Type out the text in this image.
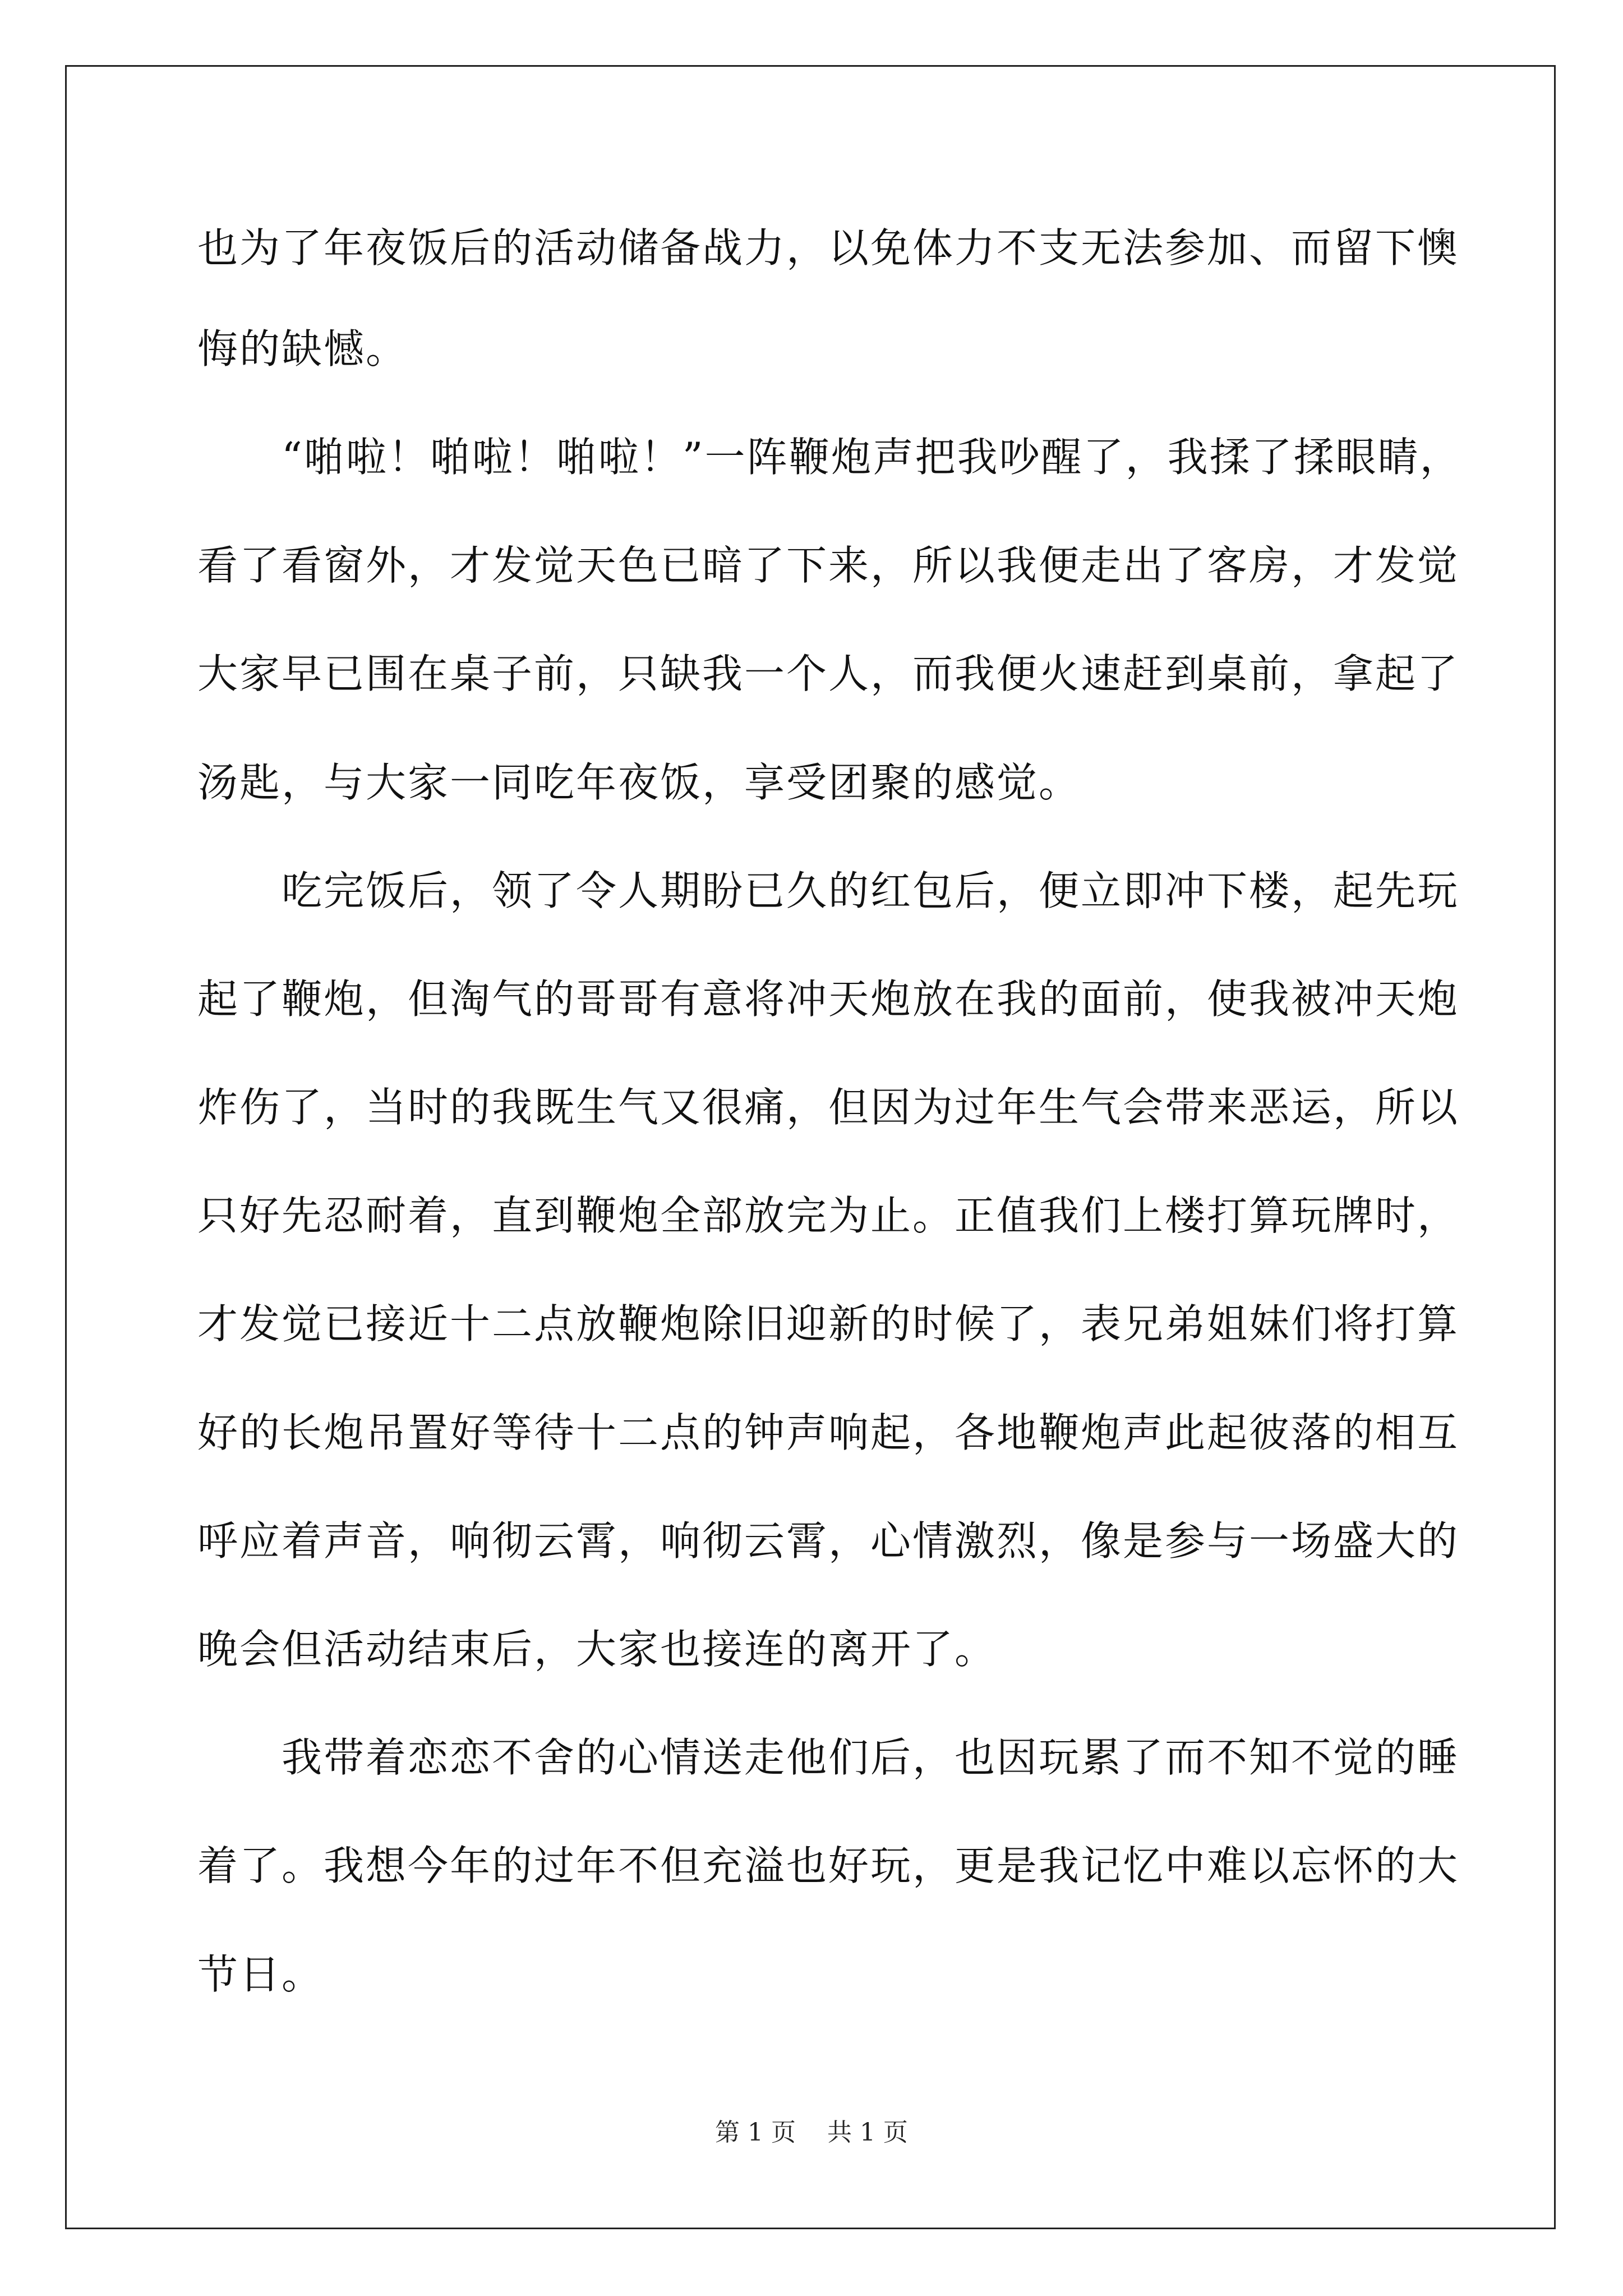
也为了年夜饭后的活动储备战力，以免体力不支无法参加、而留下懊
悔的缺憾。
“啪啦！啪啦！啪啦！”一阵鞭炮声把我吵醒了，我揉了揉眼睛，
看了看窗外，才发觉天色已暗了下来，所以我便走出了客房，才发觉
大家早已围在桌子前，只缺我一个人，而我便火速赶到桌前，拿起了
汤匙，与大家一同吃年夜饭，享受团聚的感觉。
吃完饭后，领了令人期盼已久的红包后，便立即冲下楼，起先玩
起了鞭炮，但淘气的哥哥有意将冲天炮放在我的面前，使我被冲天炮
炸伤了，当时的我既生气又很痛，但因为过年生气会带来恶运，所以
只好先忍耐着，直到鞭炮全部放完为止。正值我们上楼打算玩牌时，
才发觉已接近十二点放鞭炮除旧迎新的时候了，表兄弟姐妹们将打算
好的长炮吊置好等待十二点的钟声响起，各地鞭炮声此起彼落的相互
呼应着声音，响彻云霄，响彻云霄，心情激烈，像是参与一场盛大的
晚会但活动结束后，大家也接连的离开了。
我带着恋恋不舍的心情送走他们后，也因玩累了而不知不觉的睡
着了。我想今年的过年不但充溢也好玩，更是我记忆中难以忘怀的大
节日。
第 1 页    共 1 页
